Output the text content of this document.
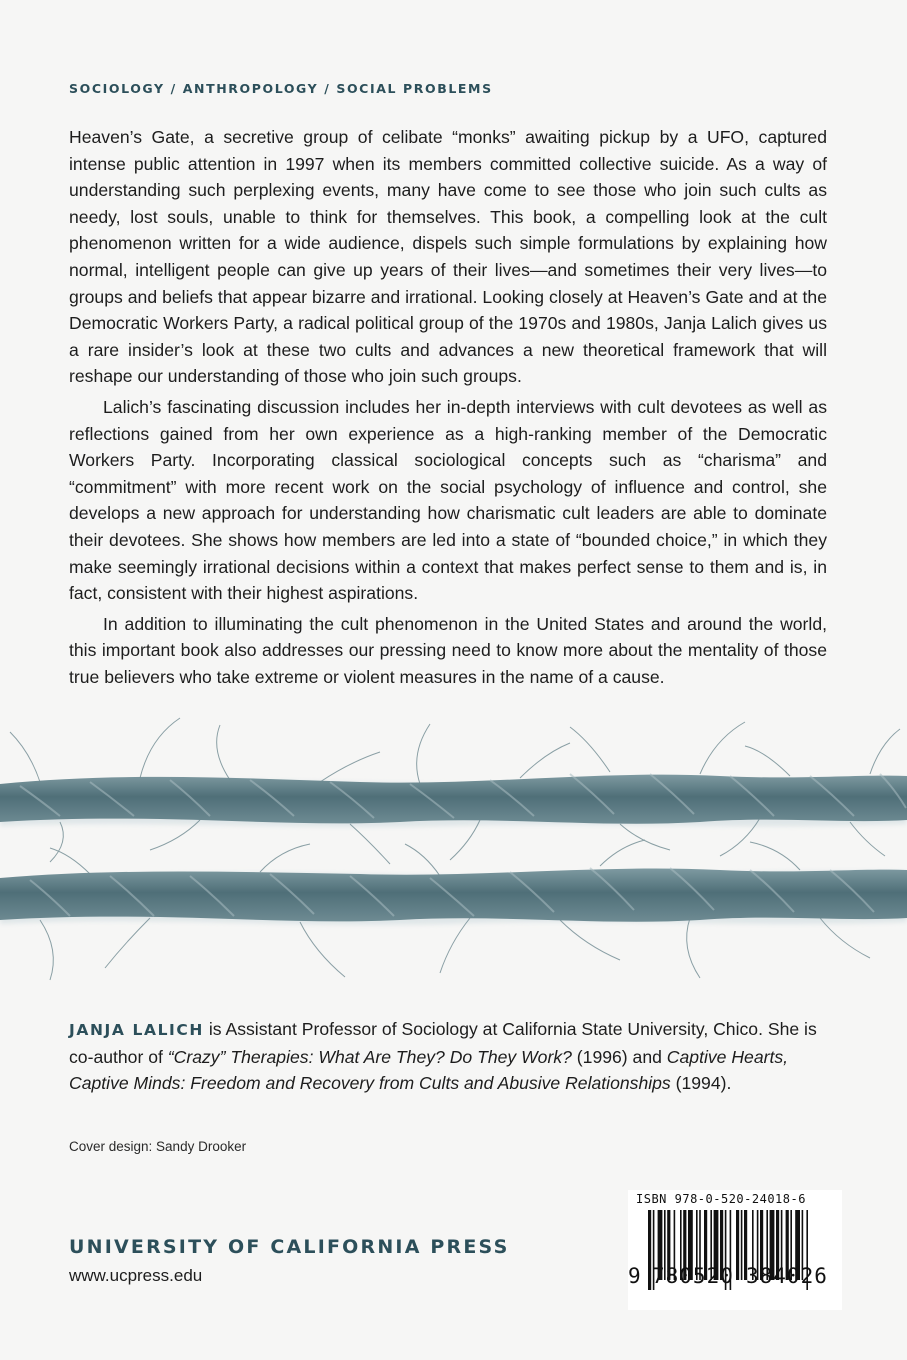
SOCIOLOGY / ANTHROPOLOGY / SOCIAL PROBLEMS

Heaven’s Gate, a secretive group of celibate “monks” awaiting pickup by a UFO, captured intense public attention in 1997 when its members committed collective suicide. As a way of understanding such perplexing events, many have come to see those who join such cults as needy, lost souls, unable to think for themselves. This book, a compelling look at the cult phenomenon written for a wide audience, dispels such simple formulations by explaining how normal, intelligent people can give up years of their lives—and sometimes their very lives—to groups and beliefs that appear bizarre and irrational. Looking closely at Heaven’s Gate and at the Democratic Workers Party, a radical political group of the 1970s and 1980s, Janja Lalich gives us a rare insider’s look at these two cults and advances a new theoretical framework that will reshape our understanding of those who join such groups.

Lalich’s fascinating discussion includes her in-depth interviews with cult devotees as well as reflections gained from her own experience as a high-ranking member of the Democratic Workers Party. Incorporating classical sociological concepts such as “charisma” and “commitment” with more recent work on the social psychology of influence and control, she develops a new approach for understanding how charismatic cult leaders are able to dominate their devotees. She shows how members are led into a state of “bounded choice,” in which they make seemingly irrational decisions within a context that makes perfect sense to them and is, in fact, consistent with their highest aspirations.

In addition to illuminating the cult phenomenon in the United States and around the world, this important book also addresses our pressing need to know more about the mentality of those true believers who take extreme or violent measures in the name of a cause.

JANJA LALICH is Assistant Professor of Sociology at California State University, Chico. She is co-author of “Crazy” Therapies: What Are They? Do They Work? (1996) and Captive Hearts, Captive Minds: Freedom and Recovery from Cults and Abusive Relationships (1994).
Cover design: Sandy Drooker
UNIVERSITY OF CALIFORNIA PRESS
www.ucpress.edu
ISBN 978-0-520-24018-6
9 780520 384026
